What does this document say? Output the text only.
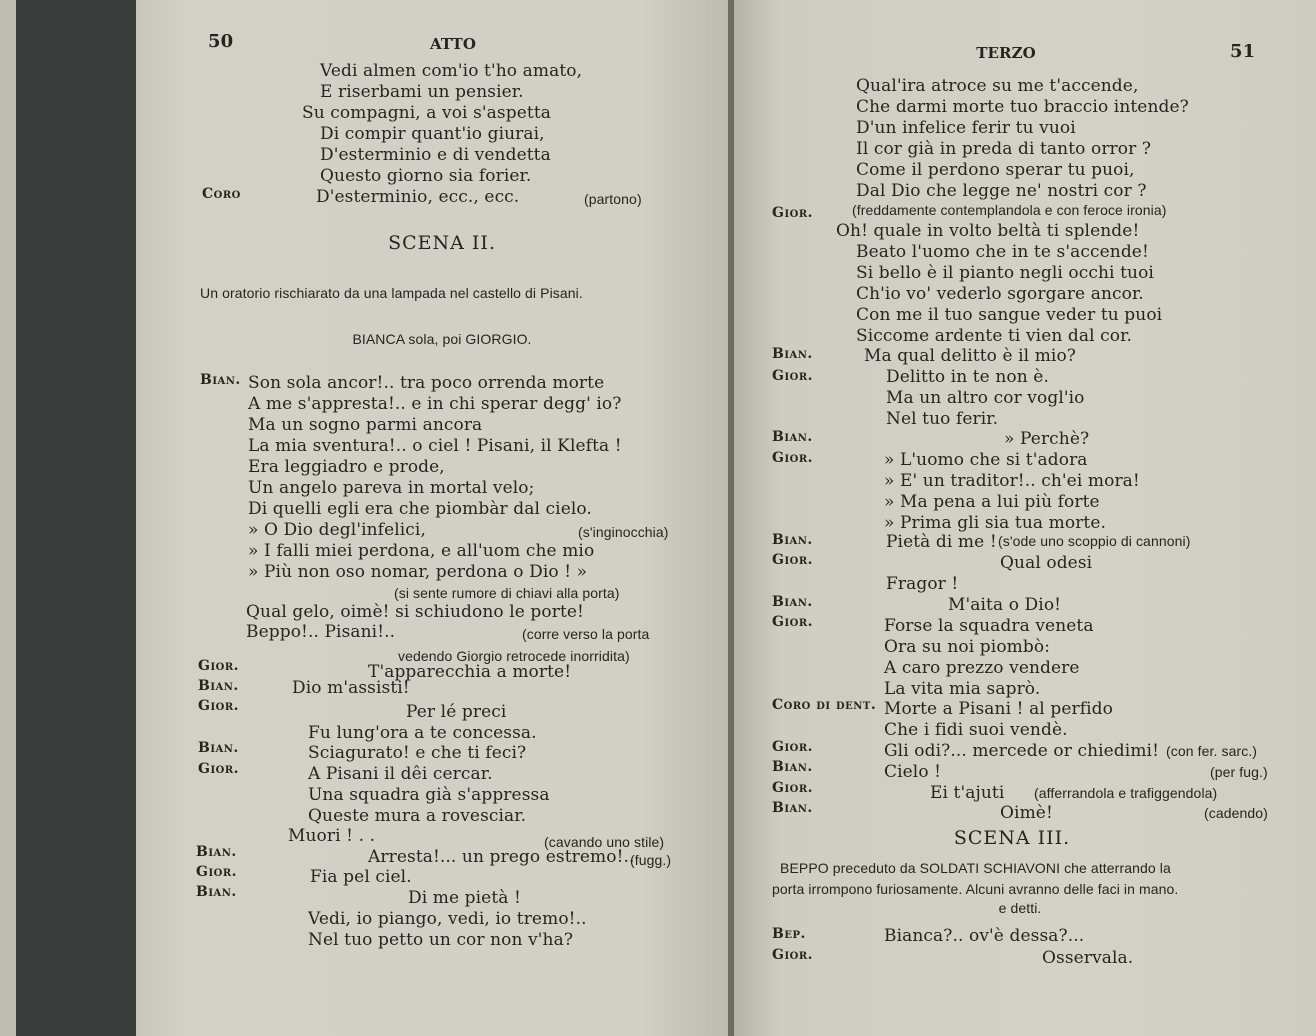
50	ATTO
Vedi almen com'io t'ho amato,
E riserbami un pensier.
Su compagni, a voi s'aspetta
Di compir quant'io giurai,
D'esterminio e di vendetta
Questo giorno sia forier.
Coro	D'esterminio, ecc., ecc.	(partono)
SCENA II.
Un oratorio rischiarato da una lampada nel castello di Pisani.
BIANCA sola, poi GIORGIO.
Bian. Son sola ancor!.. tra poco orrenda morte
A me s'appresta!.. e in chi sperar degg' io?
Ma un sogno parmi ancora
La mia sventura!.. o ciel ! Pisani, il Klefta !
Era leggiadro e prode,
Un angelo pareva in mortal velo;
Di quelli egli era che piombàr dal cielo.
» O Dio degl'infelici,	(s'inginocchia)
» I falli miei perdona, e all'uom che mio
» Più non oso nomar, perdona o Dio ! »
(si sente rumore di chiavi alla porta)
Qual gelo, oimè! si schiudono le porte!
Beppo!.. Pisani!..	(corre verso la porta
vedendo Giorgio retrocede inorridita)
Gior.	T'apparecchia a morte!
Bian.	Dio m'assisti!
Gior.	Per lé preci
Fu lung'ora a te concessa.
Bian.	Sciagurato! e che ti feci?
Gior.	A Pisani il dêi cercar.
Una squadra già s'appressa
Queste mura a rovesciar.
Muori ! . .	(cavando uno stile)
Bian.	Arresta!... un prego estremo!..
(fugg.)
Gior.	Fia pel ciel.
Bian.	Di me pietà !
Vedi, io piango, vedi, io tremo!..
Nel tuo petto un cor non v'ha?
TERZO	51
Qual'ira atroce su me t'accende,
Che darmi morte tuo braccio intende?
D'un infelice ferir tu vuoi
Il cor già in preda di tanto orror ?
Come il perdono sperar tu puoi,
Dal Dio che legge ne' nostri cor ?
Gior.	(freddamente contemplandola e con feroce ironia)
Oh! quale in volto beltà ti splende!
Beato l'uomo che in te s'accende!
Si bello è il pianto negli occhi tuoi
Ch'io vo' vederlo sgorgare ancor.
Con me il tuo sangue veder tu puoi
Siccome ardente ti vien dal cor.
Bian.	Ma qual delitto è il mio?
Gior.	Delitto in te non è.
Ma un altro cor vogl'io
Nel tuo ferir.
Bian.	» Perchè?
Gior.	» L'uomo che si t'adora
» E' un traditor!.. ch'ei mora!
» Ma pena a lui più forte
» Prima gli sia tua morte.
Bian.	Pietà di me ! (s'ode uno scoppio di cannoni)
Gior.	Qual odesi
Fragor !
Bian.	M'aita o Dio!
Gior.	Forse la squadra veneta
Ora su noi piombò:
A caro prezzo vendere
La vita mia saprò.
Coro di dent. Morte a Pisani ! al perfido
Che i fidi suoi vendè.
Gior.	Gli odi?... mercede or chiedimi! (con fer. sarc.)
Bian.	Cielo !	(per fug.)
Gior.	Ei t'ajuti (afferrandola e trafiggendola)
Bian.	Oimè!	(cadendo)
SCENA III.
BEPPO preceduto da SOLDATI SCHIAVONI che atterrando la
porta irrompono furiosamente. Alcuni avranno delle faci in mano.
e detti.
Bep.	Bianca?.. ov'è dessa?...
Gior.	Osservala.
